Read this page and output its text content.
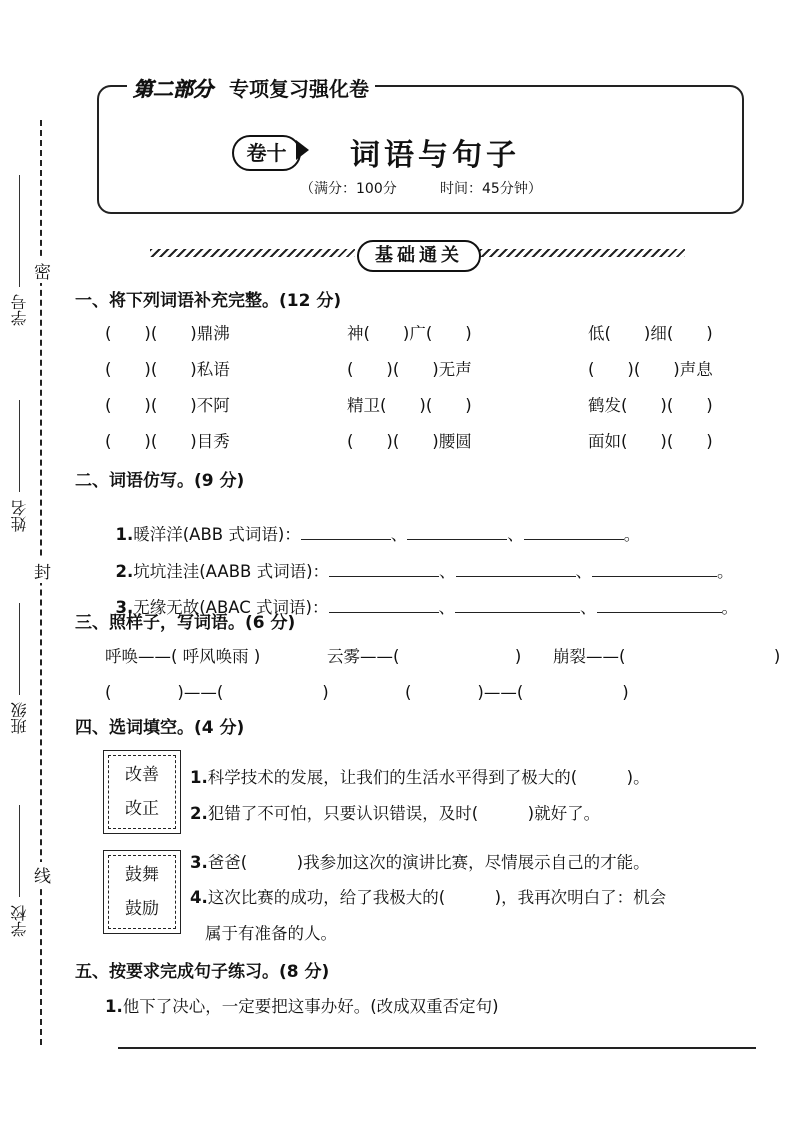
学号
姓名
班级
学校
密
封
线
第二部分 专项复习强化卷
卷十	词语与句子
（满分：100分	时间：45分钟）
基础通关
一、将下列词语补充完整。(12 分)
(　　)(　　)鼎沸	神(　　)广(　　)	低(　　)细(　　)
(　　)(　　)私语	(　　)(　　)无声	(　　)(　　)声息
(　　)(　　)不阿	精卫(　　)(　　)	鹤发(　　)(　　)
(　　)(　　)目秀	(　　)(　　)腰圆	面如(　　)(　　)
二、词语仿写。(9 分)

1.暖洋洋(ABB 式词语)：	、	、	。

2.坑坑洼洼(AABB 式词语)：	、	、	。

3.无缘无故(ABAC 式词语)：	、	、	。

三、照样子，写词语。(6 分)
呼唤——( 呼风唤雨 )	云雾——(　　　　　　　) 崩裂——(　　　　　　　　　)
(　　　　)——(　　　　　　)	(　　　　)——(　　　　　　)
四、选词填空。(4 分)
改善
改正
鼓舞
鼓励
1.科学技术的发展，让我们的生活水平得到了极大的(　　　)。
2.犯错了不可怕，只要认识错误，及时(　　　)就好了。
3.爸爸(　　　)我参加这次的演讲比赛，尽情展示自己的才能。
4.这次比赛的成功，给了我极大的(　　　)，我再次明白了：机会
属于有准备的人。
五、按要求完成句子练习。(8 分)
1.他下了决心，一定要把这事办好。(改成双重否定句)
